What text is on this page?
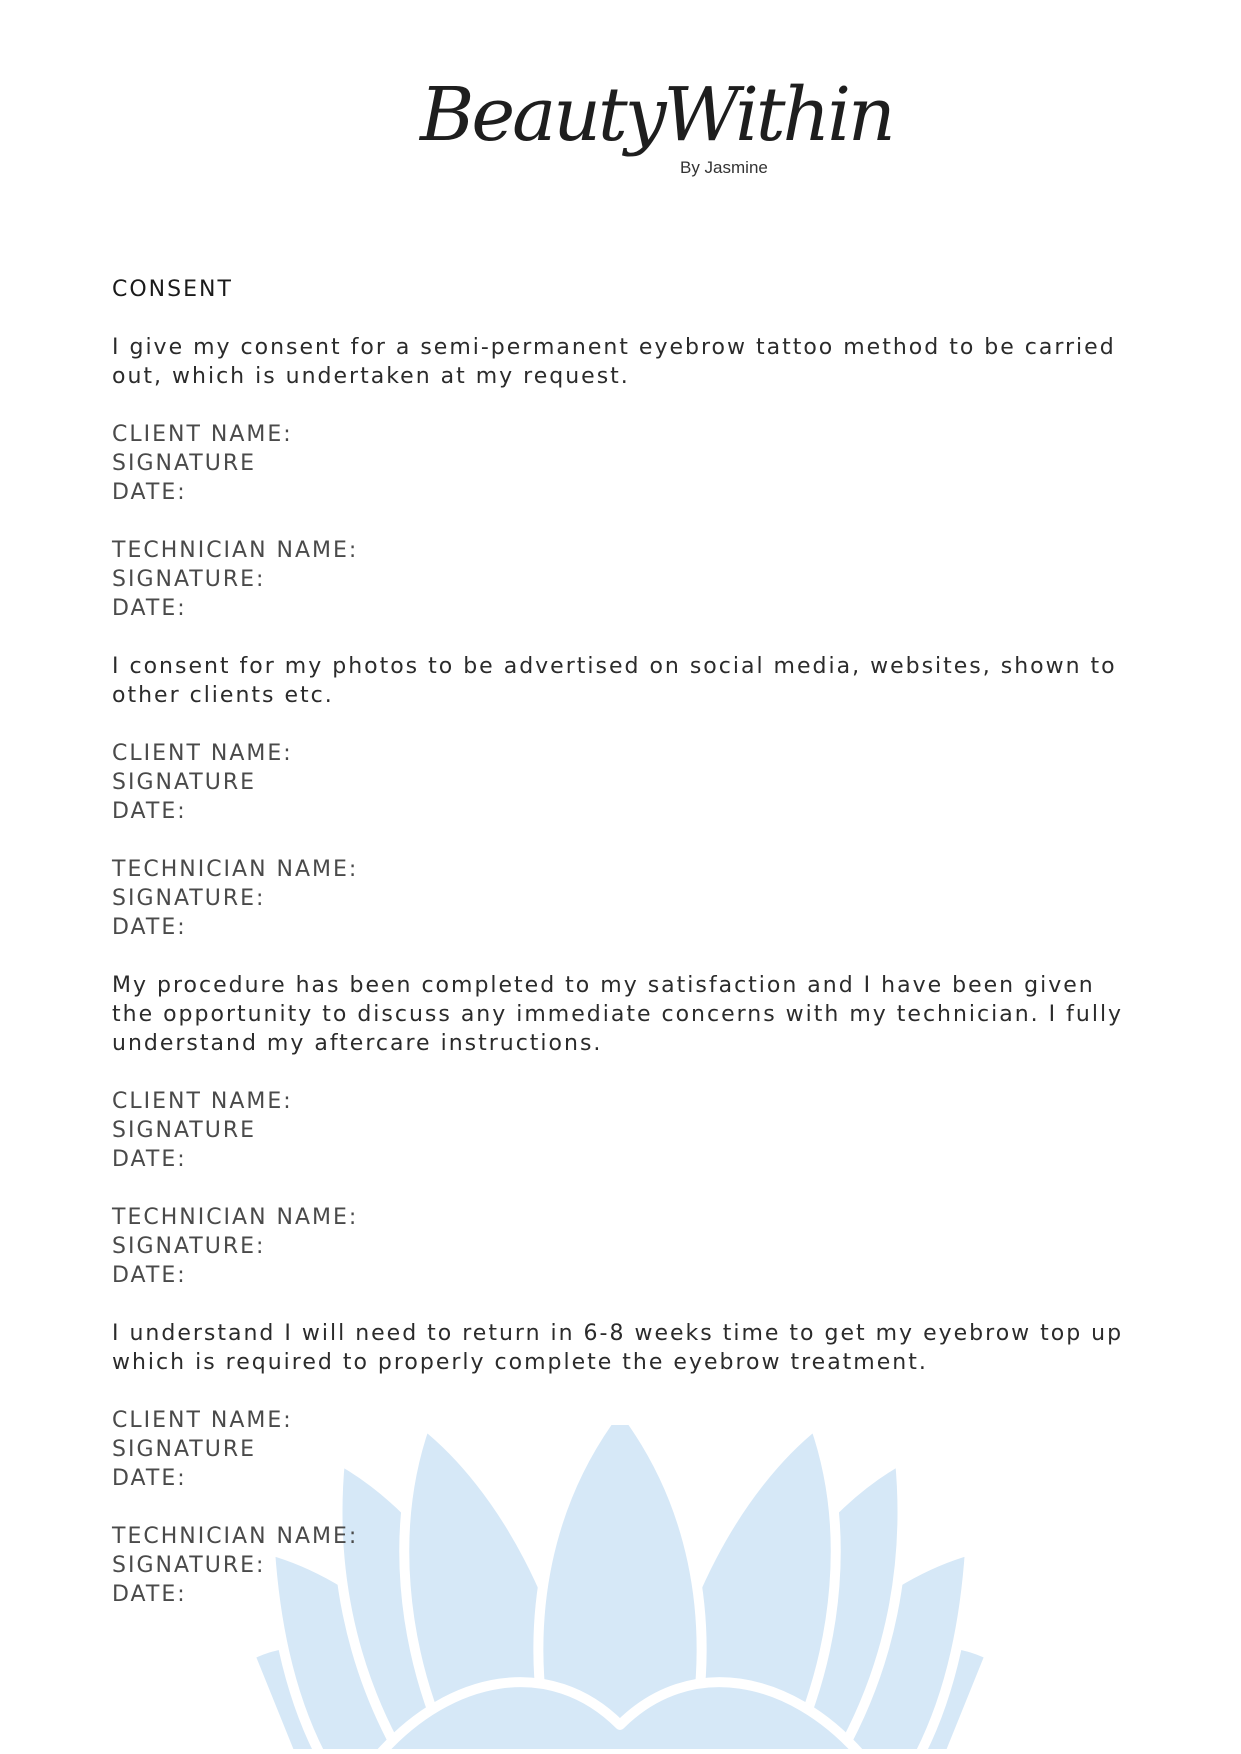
BeautyWithin
By Jasmine
CONSENT
I give my consent for a semi-permanent eyebrow tattoo method to be carried out, which is undertaken at my request.
CLIENT NAME:
SIGNATURE
DATE:
TECHNICIAN NAME:
SIGNATURE:
DATE:
I consent for my photos to be advertised on social media, websites, shown to other clients etc.
CLIENT NAME:
SIGNATURE
DATE:
TECHNICIAN NAME:
SIGNATURE:
DATE:
My procedure has been completed to my satisfaction and I have been given the opportunity to discuss any immediate concerns with my technician. I fully understand my aftercare instructions.
CLIENT NAME:
SIGNATURE
DATE:
TECHNICIAN NAME:
SIGNATURE:
DATE:
I understand I will need to return in 6-8 weeks time to get my eyebrow top up which is required to properly complete the eyebrow treatment.
CLIENT NAME:
SIGNATURE
DATE:
TECHNICIAN NAME:
SIGNATURE:
DATE:
